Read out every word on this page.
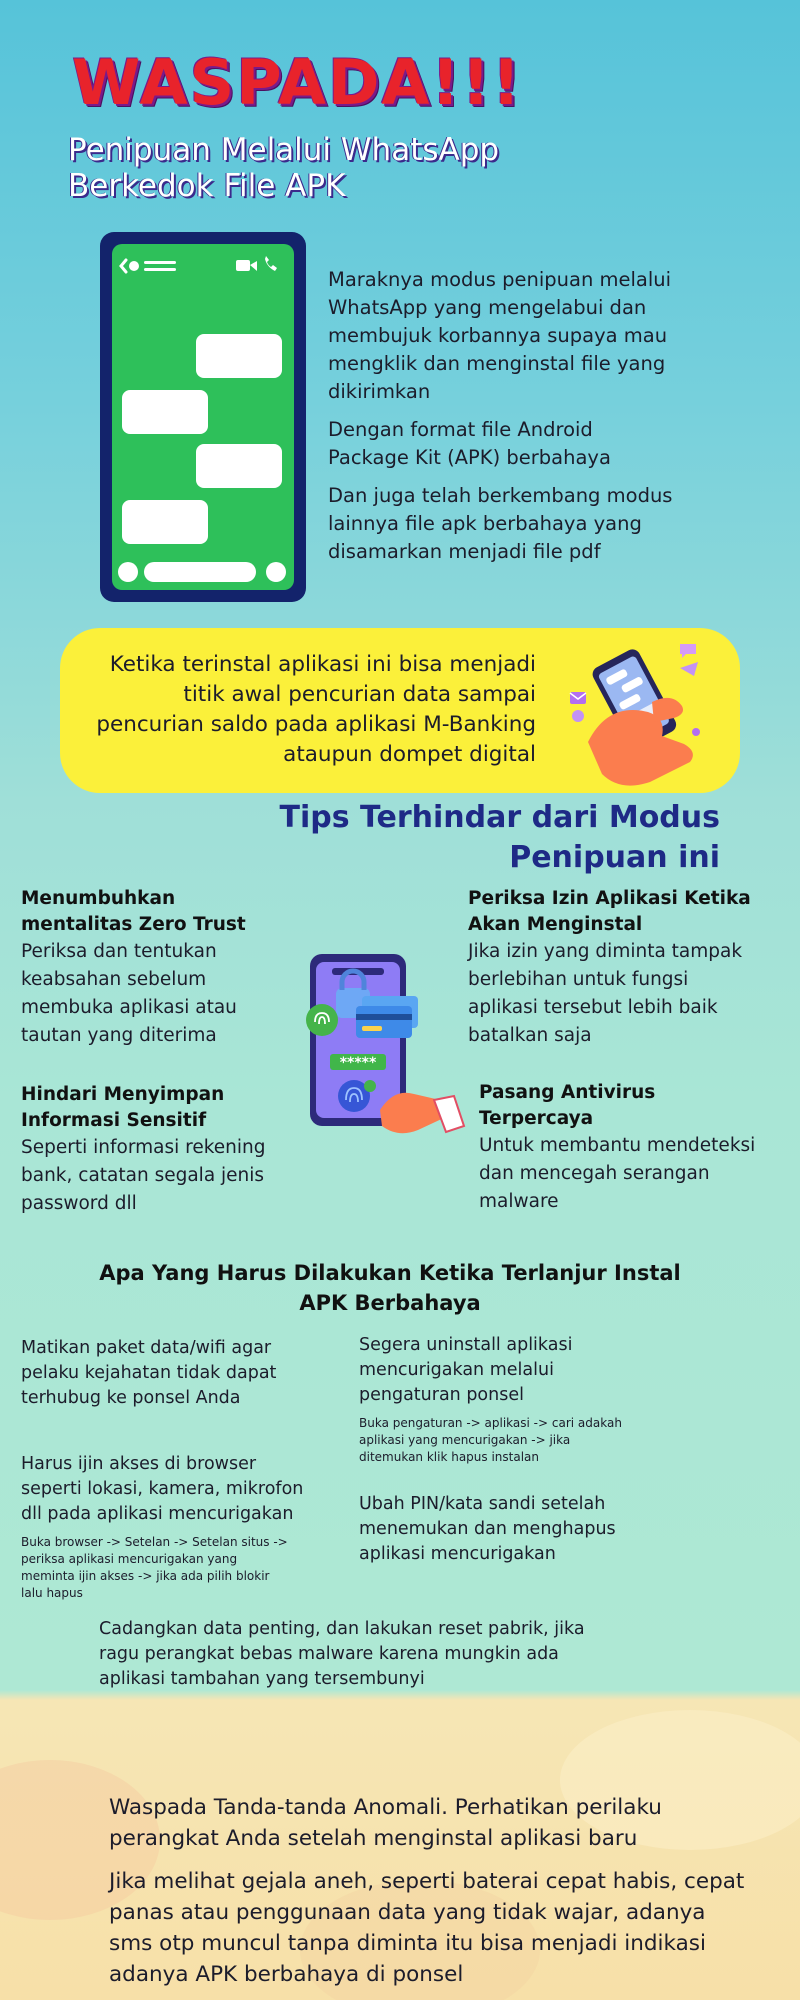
WASPADA!!!
Penipuan Melalui WhatsApp
Berkedok File APK
Maraknya modus penipuan melalui WhatsApp yang mengelabui dan membujuk korbannya supaya mau mengklik dan menginstal file yang dikirimkan
Dengan format file Android Package Kit (APK) berbahaya
Dan juga telah berkembang modus lainnya file apk berbahaya yang disamarkan menjadi file pdf
Ketika terinstal aplikasi ini bisa menjadi titik awal pencurian data sampai pencurian saldo pada aplikasi M-Banking ataupun dompet digital
Tips Terhindar dari Modus
Penipuan ini
Menumbuhkan mentalitas Zero Trust
Periksa dan tentukan keabsahan sebelum membuka aplikasi atau tautan yang diterima
Periksa Izin Aplikasi Ketika Akan Menginstal
Jika izin yang diminta tampak berlebihan untuk fungsi aplikasi tersebut lebih baik batalkan saja
Hindari Menyimpan Informasi Sensitif
Seperti informasi rekening bank, catatan segala jenis password dll
Pasang Antivirus Terpercaya
Untuk membantu mendeteksi dan mencegah serangan malware
*****
Apa Yang Harus Dilakukan Ketika Terlanjur Instal APK Berbahaya
Matikan paket data/wifi agar pelaku kejahatan tidak dapat terhubug ke ponsel Anda
Harus ijin akses di browser seperti lokasi, kamera, mikrofon dll pada aplikasi mencurigakan
Buka browser -> Setelan -> Setelan situs -> periksa aplikasi mencurigakan yang meminta ijin akses -> jika ada pilih blokir lalu hapus
Segera uninstall aplikasi mencurigakan melalui pengaturan ponsel
Buka pengaturan -> aplikasi -> cari adakah aplikasi yang mencurigakan -> jika ditemukan klik hapus instalan
Ubah PIN/kata sandi setelah menemukan dan menghapus aplikasi mencurigakan
Cadangkan data penting, dan lakukan reset pabrik, jika ragu perangkat bebas malware karena mungkin ada aplikasi tambahan yang tersembunyi
Waspada Tanda-tanda Anomali. Perhatikan perilaku perangkat Anda setelah menginstal aplikasi baru
Jika melihat gejala aneh, seperti baterai cepat habis, cepat panas atau penggunaan data yang tidak wajar, adanya sms otp muncul tanpa diminta itu bisa menjadi indikasi adanya APK berbahaya di ponsel
